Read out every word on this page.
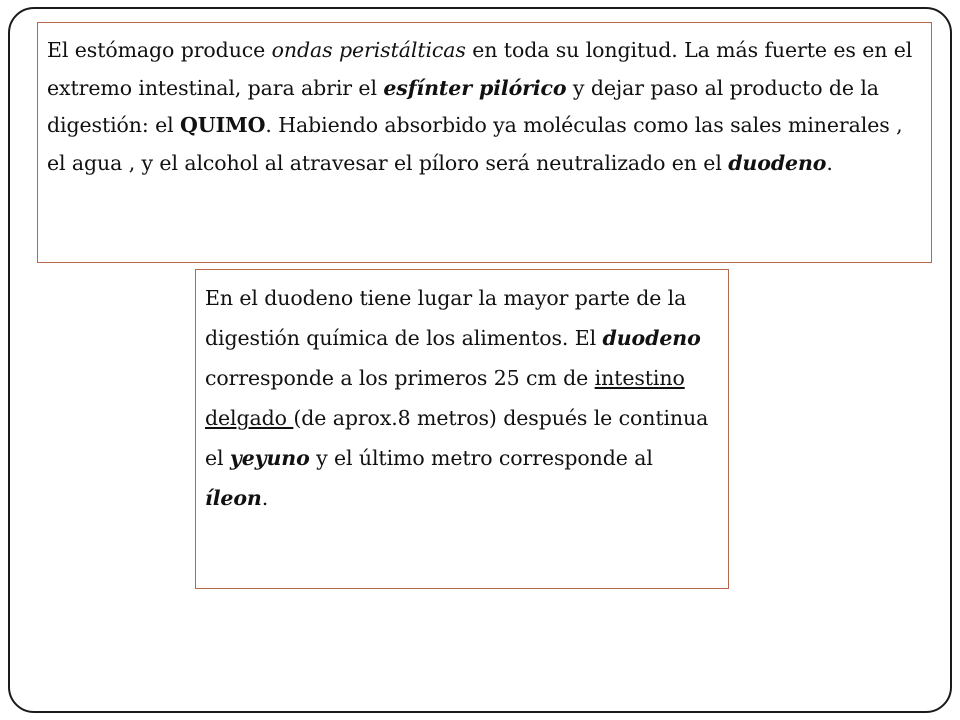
El estómago produce ondas peristálticas en toda su longitud. La más fuerte es en el extremo intestinal, para abrir el esfínter pilórico y dejar paso al producto de la digestión: el QUIMO. Habiendo absorbido ya moléculas como las sales minerales , el agua , y el alcohol al atravesar el píloro será neutralizado en el duodeno.

En el duodeno tiene lugar la mayor parte de la digestión química de los alimentos. El duodeno corresponde a los primeros 25 cm de intestino delgado (de aprox.8 metros) después le continua el yeyuno y el último metro corresponde al íleon.
